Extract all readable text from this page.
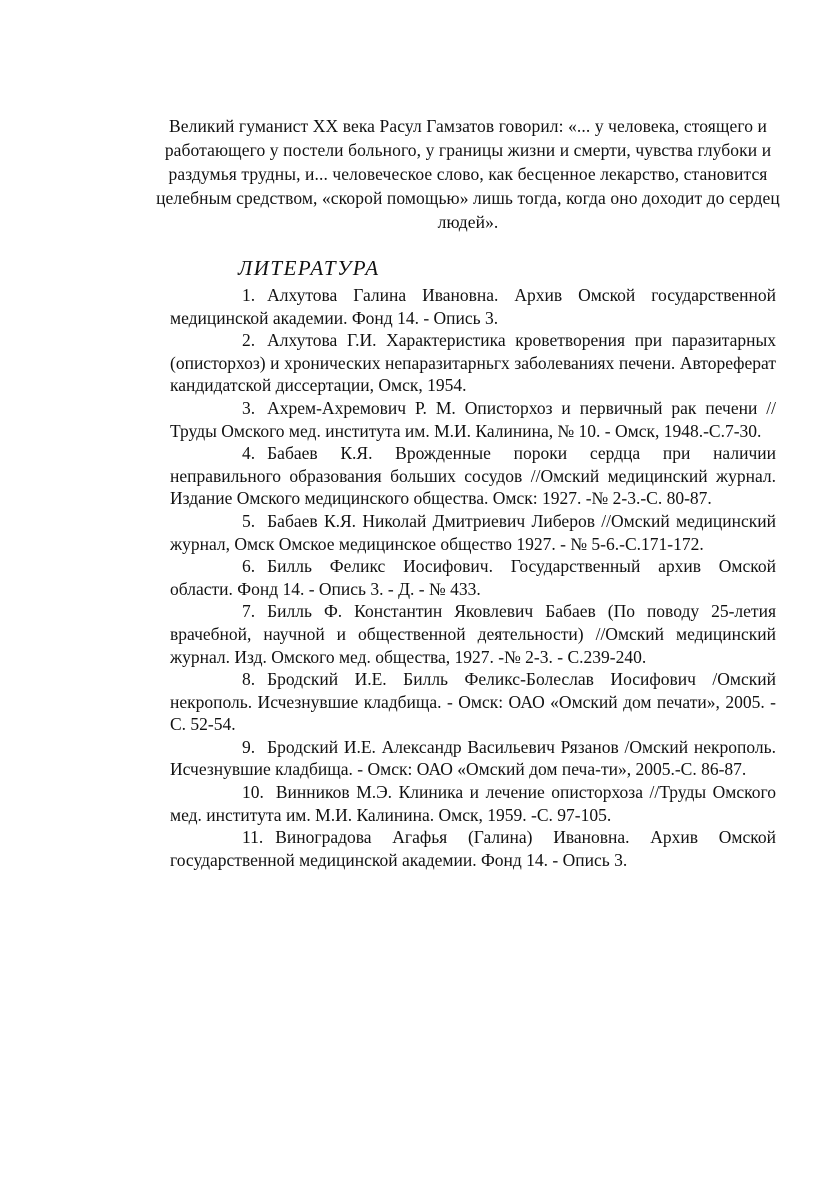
Великий гуманист XX века Расул Гамзатов говорил: «... у человека, стоящего и работающего у постели больного, у границы жизни и смерти, чувства глубоки и раздумья трудны, и... человеческое слово, как бесценное лекарство, становится целебным средством, «скорой помощью» лишь тогда, когда оно доходит до сердец людей».

ЛИТЕРАТУРА
1. Алхутова Галина Ивановна. Архив Омской государственной медицинской академии. Фонд 14. - Опись 3.
2. Алхутова Г.И. Характеристика кроветворения при паразитарных (описторхоз) и хронических непаразитарньгх заболеваниях печени. Автореферат кандидатской диссертации, Омск, 1954.
3. Ахрем-Ахремович Р. М. Описторхоз и первичный рак печени // Труды Омского мед. института им. М.И. Калинина, № 10. - Омск, 1948.-С.7-30.
4. Бабаев К.Я. Врожденные пороки сердца при наличии неправильного образования больших сосудов //Омский медицинский журнал. Издание Омского медицинского общества. Омск: 1927. -№ 2-3.-С. 80-87.
5. Бабаев К.Я. Николай Дмитриевич Либеров //Омский медицинский журнал, Омск Омское медицинское общество 1927. - № 5-6.-С.171-172.
6. Билль Феликс Иосифович. Государственный архив Омской области. Фонд 14. - Опись 3. - Д. - № 433.
7. Билль Ф. Константин Яковлевич Бабаев (По поводу 25-летия врачебной, научной и общественной деятельности) //Омский медицинский журнал. Изд. Омского мед. общества, 1927. -№ 2-3. - С.239-240.
8. Бродский И.Е. Билль Феликс-Болеслав Иосифович /Омский некрополь. Исчезнувшие кладбища. - Омск: ОАО «Омский дом печати», 2005. - С. 52-54.
9. Бродский И.Е. Александр Васильевич Рязанов /Омский некрополь. Исчезнувшие кладбища. - Омск: ОАО «Омский дом печа-ти», 2005.-С. 86-87.
10. Винников М.Э. Клиника и лечение описторхоза //Труды Омского мед. института им. М.И. Калинина. Омск, 1959. -С. 97-105.
11. Виноградова Агафья (Галина) Ивановна. Архив Омской государственной медицинской академии. Фонд 14. - Опись 3.
